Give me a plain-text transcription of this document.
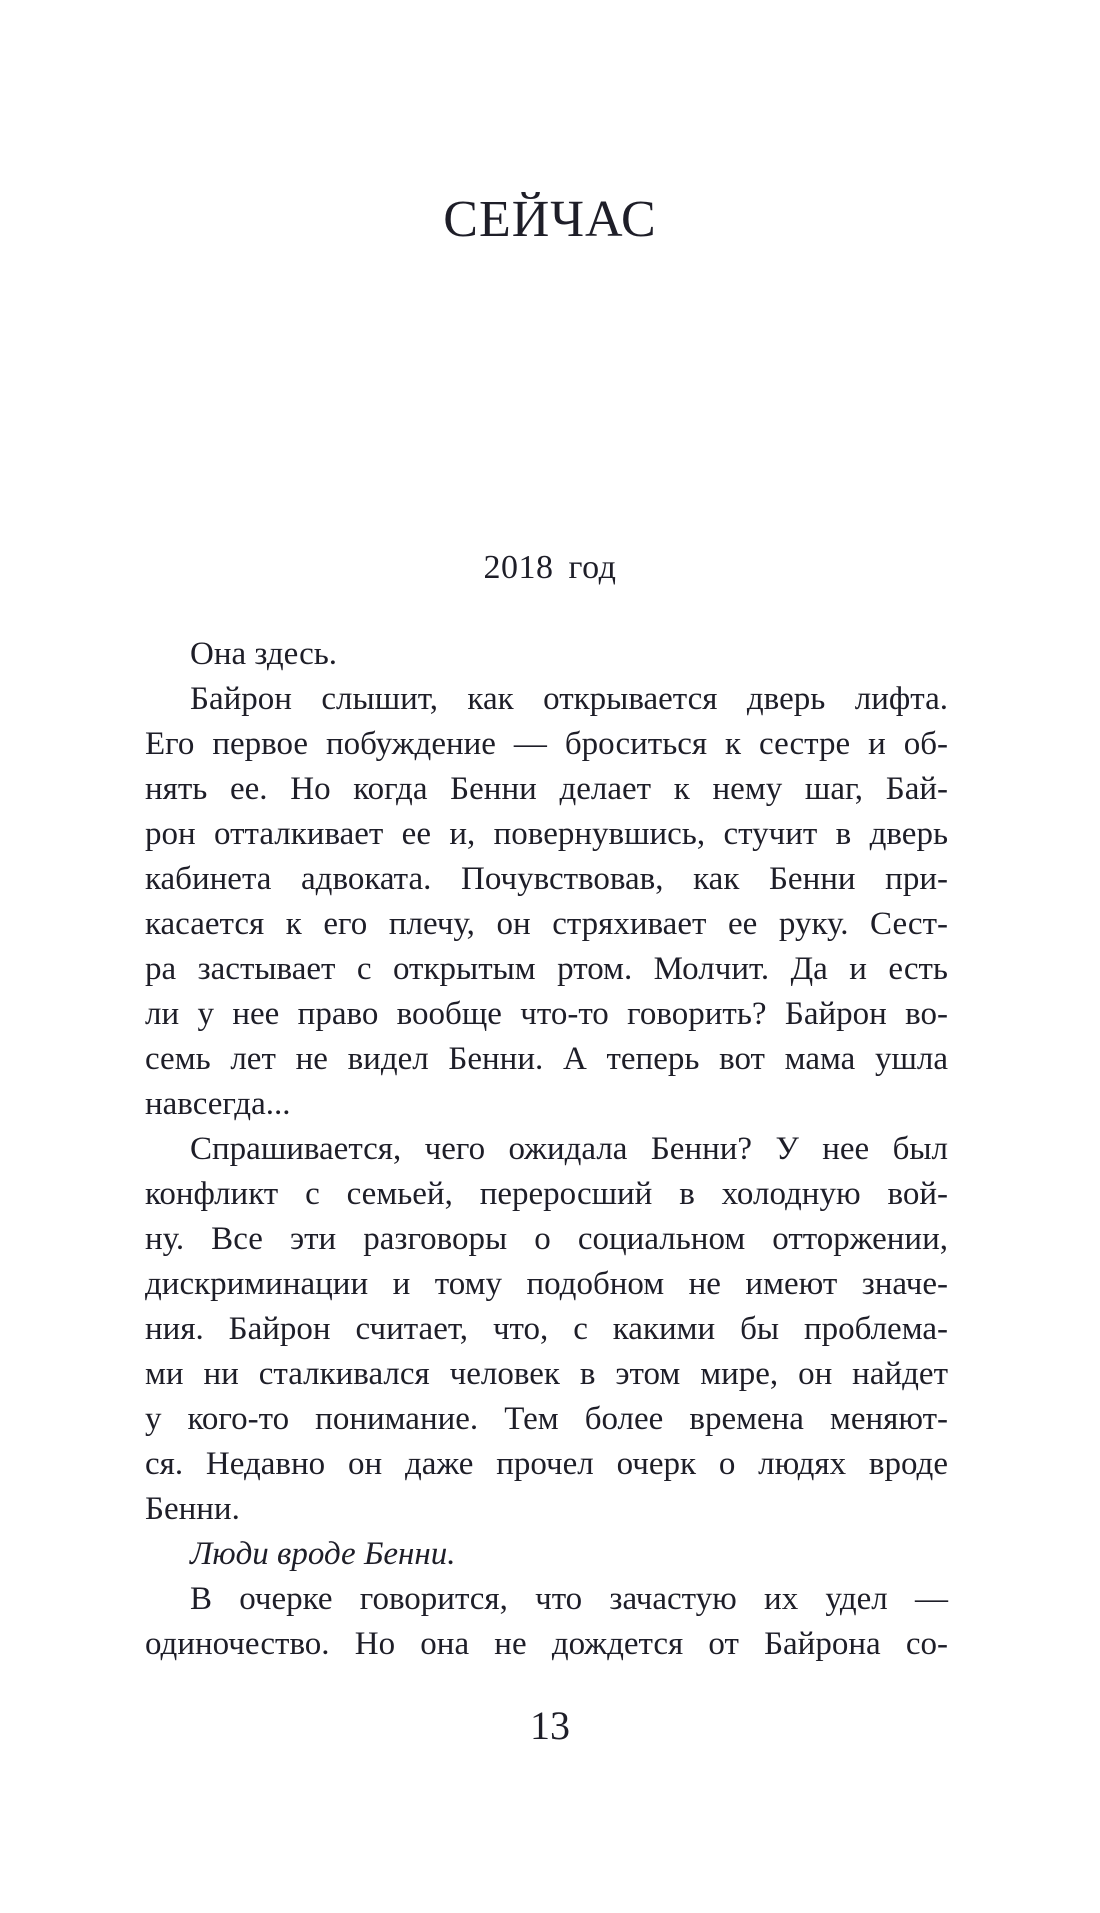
СЕЙЧАС
2018 год
Она здесь.
Байрон слышит, как открывается дверь лифта.
Его первое побуждение — броситься к сестре и об-
нять ее. Но когда Бенни делает к нему шаг, Бай-
рон отталкивает ее и, повернувшись, стучит в дверь
кабинета адвоката. Почувствовав, как Бенни при-
касается к его плечу, он стряхивает ее руку. Сест-
ра застывает с открытым ртом. Молчит. Да и есть
ли у нее право вообще что-то говорить? Байрон во-
семь лет не видел Бенни. А теперь вот мама ушла
навсегда...
Спрашивается, чего ожидала Бенни? У нее был
конфликт с семьей, переросший в холодную вой-
ну. Все эти разговоры о социальном отторжении,
дискриминации и тому подобном не имеют значе-
ния. Байрон считает, что, с какими бы проблема-
ми ни сталкивался человек в этом мире, он найдет
у кого-то понимание. Тем более времена меняют-
ся. Недавно он даже прочел очерк о людях вроде
Бенни.
Люди вроде Бенни.
В очерке говорится, что зачастую их удел —
одиночество. Но она не дождется от Байрона со-
13
